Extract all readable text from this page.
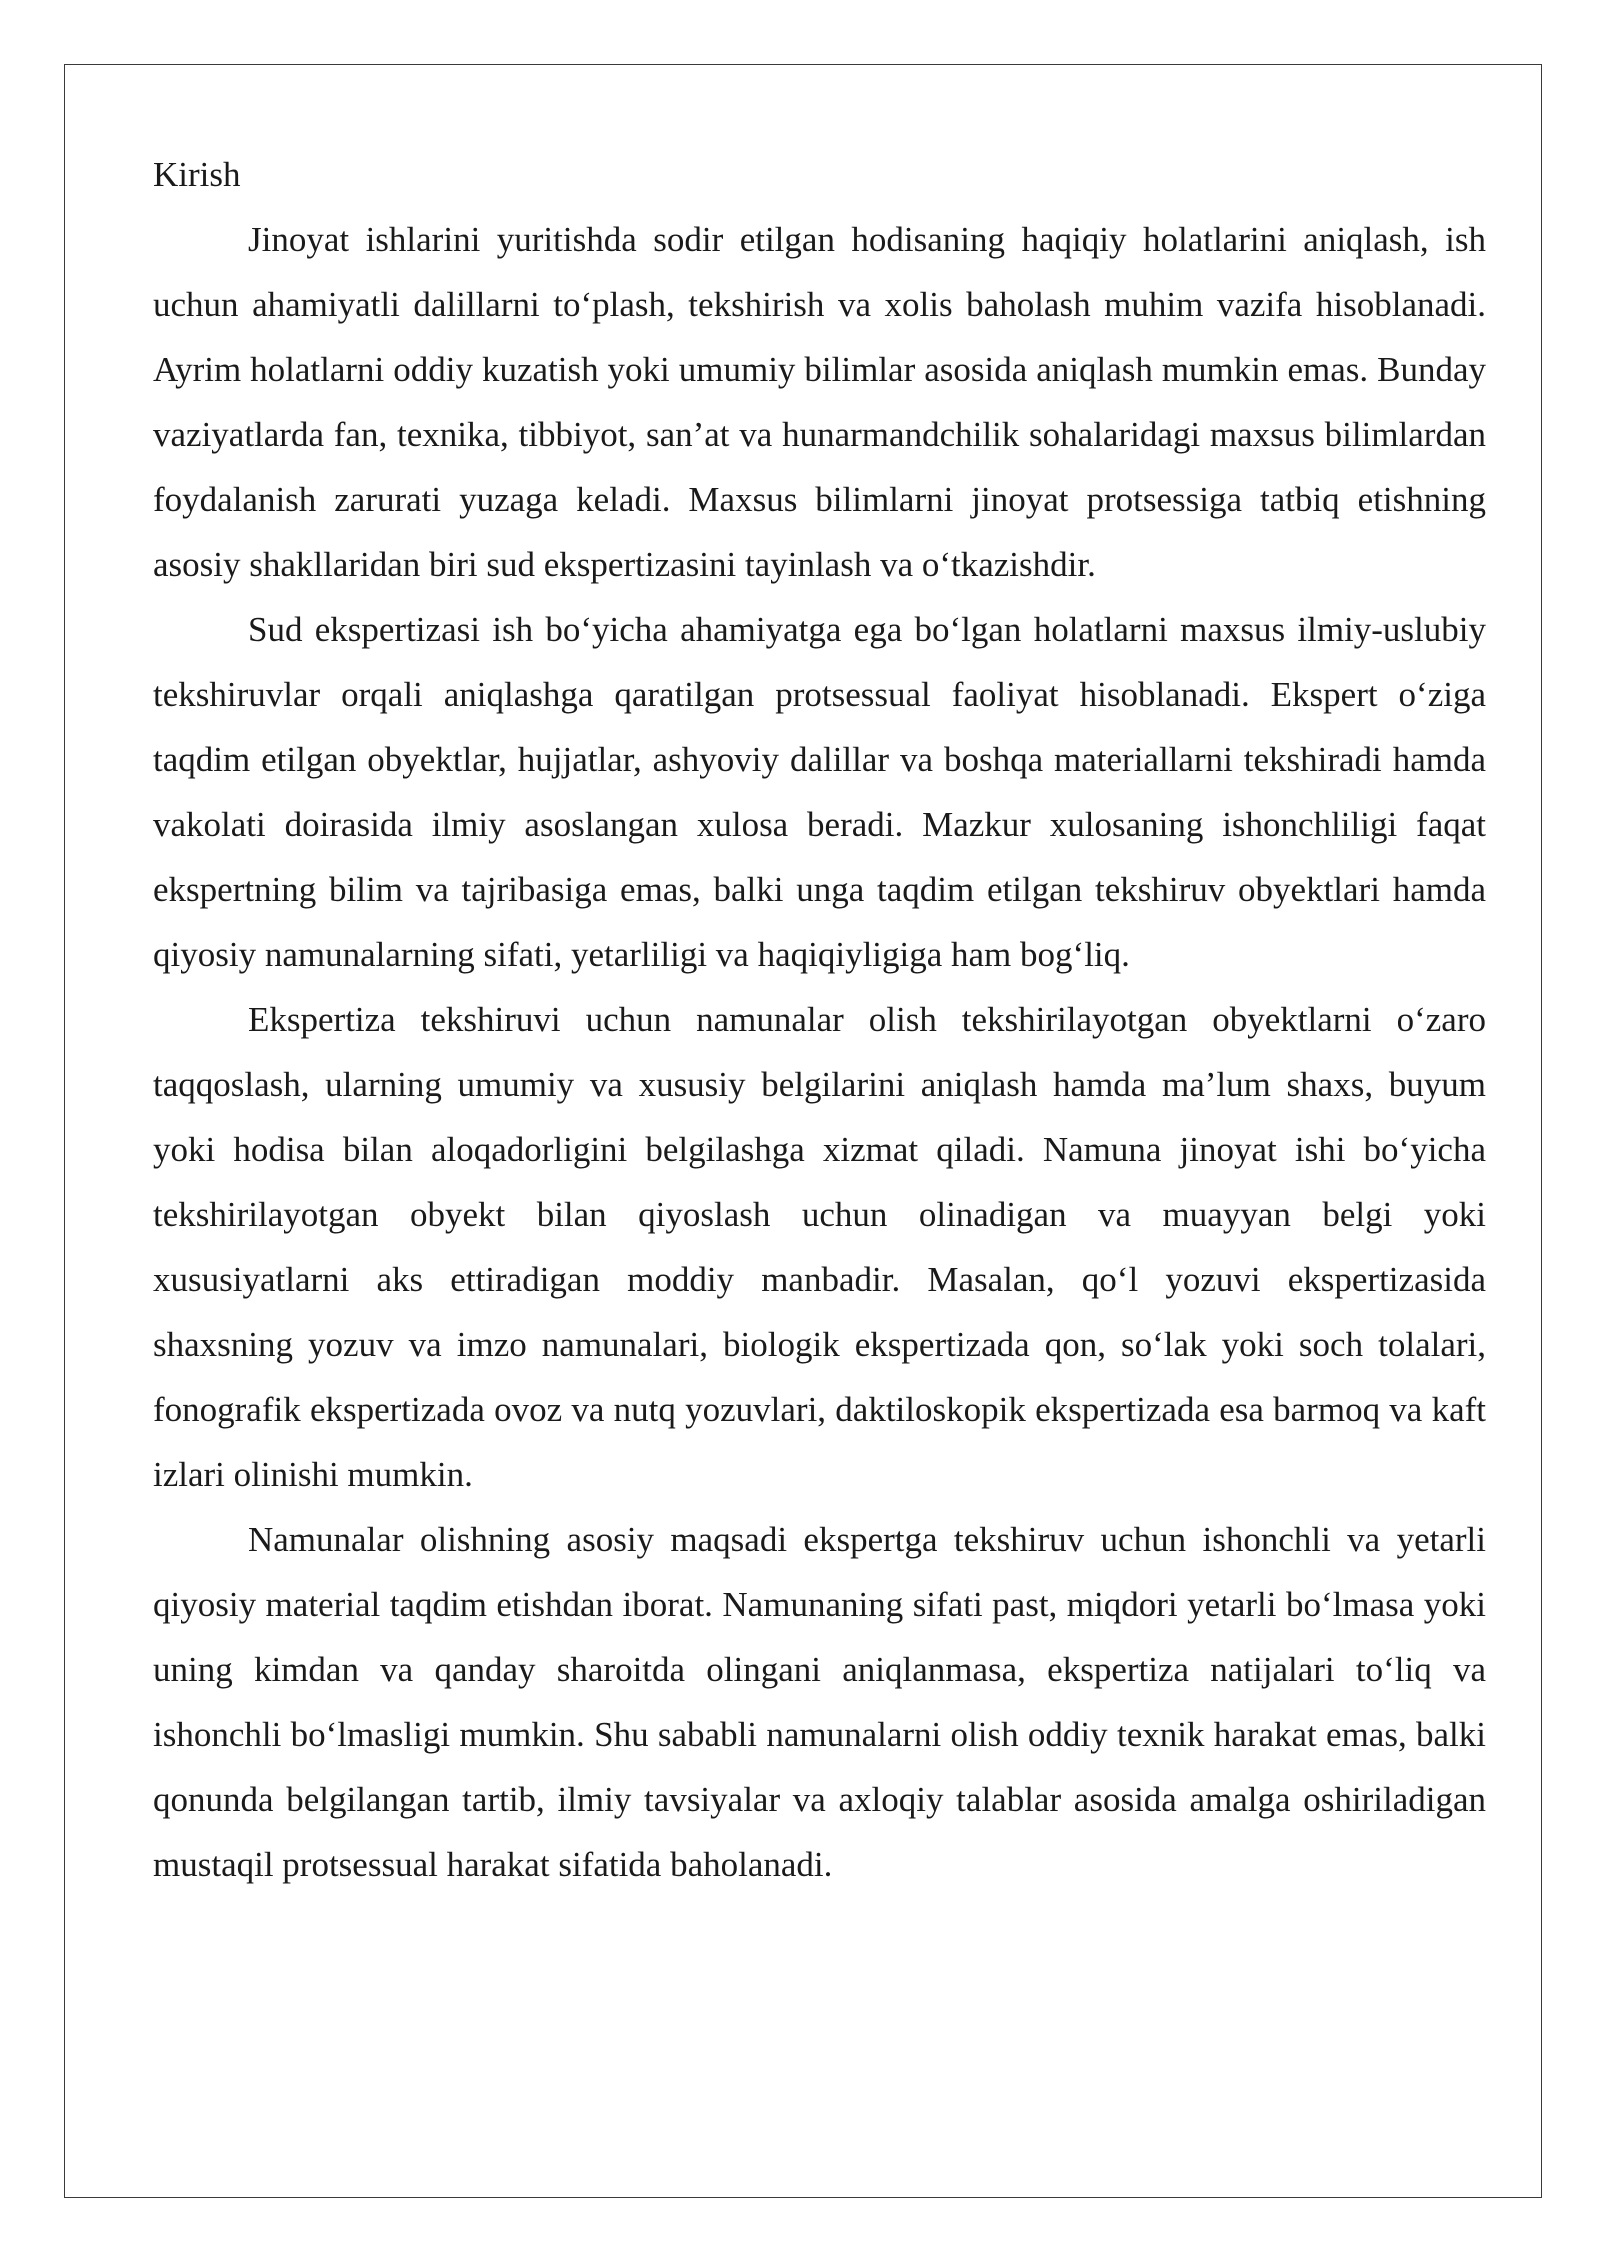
Kirish

Jinoyat ishlarini yuritishda sodir etilgan hodisaning haqiqiy holatlarini aniqlash, ish uchun ahamiyatli dalillarni to‘plash, tekshirish va xolis baholash muhim vazifa hisoblanadi. Ayrim holatlarni oddiy kuzatish yoki umumiy bilimlar asosida aniqlash mumkin emas. Bunday vaziyatlarda fan, texnika, tibbiyot, san’at va hunarmandchilik sohalaridagi maxsus bilimlardan foydalanish zarurati yuzaga keladi. Maxsus bilimlarni jinoyat protsessiga tatbiq etishning asosiy shakllaridan biri sud ekspertizasini tayinlash va o‘tkazishdir.

Sud ekspertizasi ish bo‘yicha ahamiyatga ega bo‘lgan holatlarni maxsus ilmiy-uslubiy tekshiruvlar orqali aniqlashga qaratilgan protsessual faoliyat hisoblanadi. Ekspert o‘ziga taqdim etilgan obyektlar, hujjatlar, ashyoviy dalillar va boshqa materiallarni tekshiradi hamda vakolati doirasida ilmiy asoslangan xulosa beradi. Mazkur xulosaning ishonchliligi faqat ekspertning bilim va tajribasiga emas, balki unga taqdim etilgan tekshiruv obyektlari hamda qiyosiy namunalarning sifati, yetarliligi va haqiqiyligiga ham bog‘liq.

Ekspertiza tekshiruvi uchun namunalar olish tekshirilayotgan obyektlarni o‘zaro taqqoslash, ularning umumiy va xususiy belgilarini aniqlash hamda ma’lum shaxs, buyum yoki hodisa bilan aloqadorligini belgilashga xizmat qiladi. Namuna jinoyat ishi bo‘yicha tekshirilayotgan obyekt bilan qiyoslash uchun olinadigan va muayyan belgi yoki xususiyatlarni aks ettiradigan moddiy manbadir. Masalan, qo‘l yozuvi ekspertizasida shaxsning yozuv va imzo namunalari, biologik ekspertizada qon, so‘lak yoki soch tolalari, fonografik ekspertizada ovoz va nutq yozuvlari, daktiloskopik ekspertizada esa barmoq va kaft izlari olinishi mumkin.

Namunalar olishning asosiy maqsadi ekspertga tekshiruv uchun ishonchli va yetarli qiyosiy material taqdim etishdan iborat. Namunaning sifati past, miqdori yetarli bo‘lmasa yoki uning kimdan va qanday sharoitda olingani aniqlanmasa, ekspertiza natijalari to‘liq va ishonchli bo‘lmasligi mumkin. Shu sababli namunalarni olish oddiy texnik harakat emas, balki qonunda belgilangan tartib, ilmiy tavsiyalar va axloqiy talablar asosida amalga oshiriladigan mustaqil protsessual harakat sifatida baholanadi.
